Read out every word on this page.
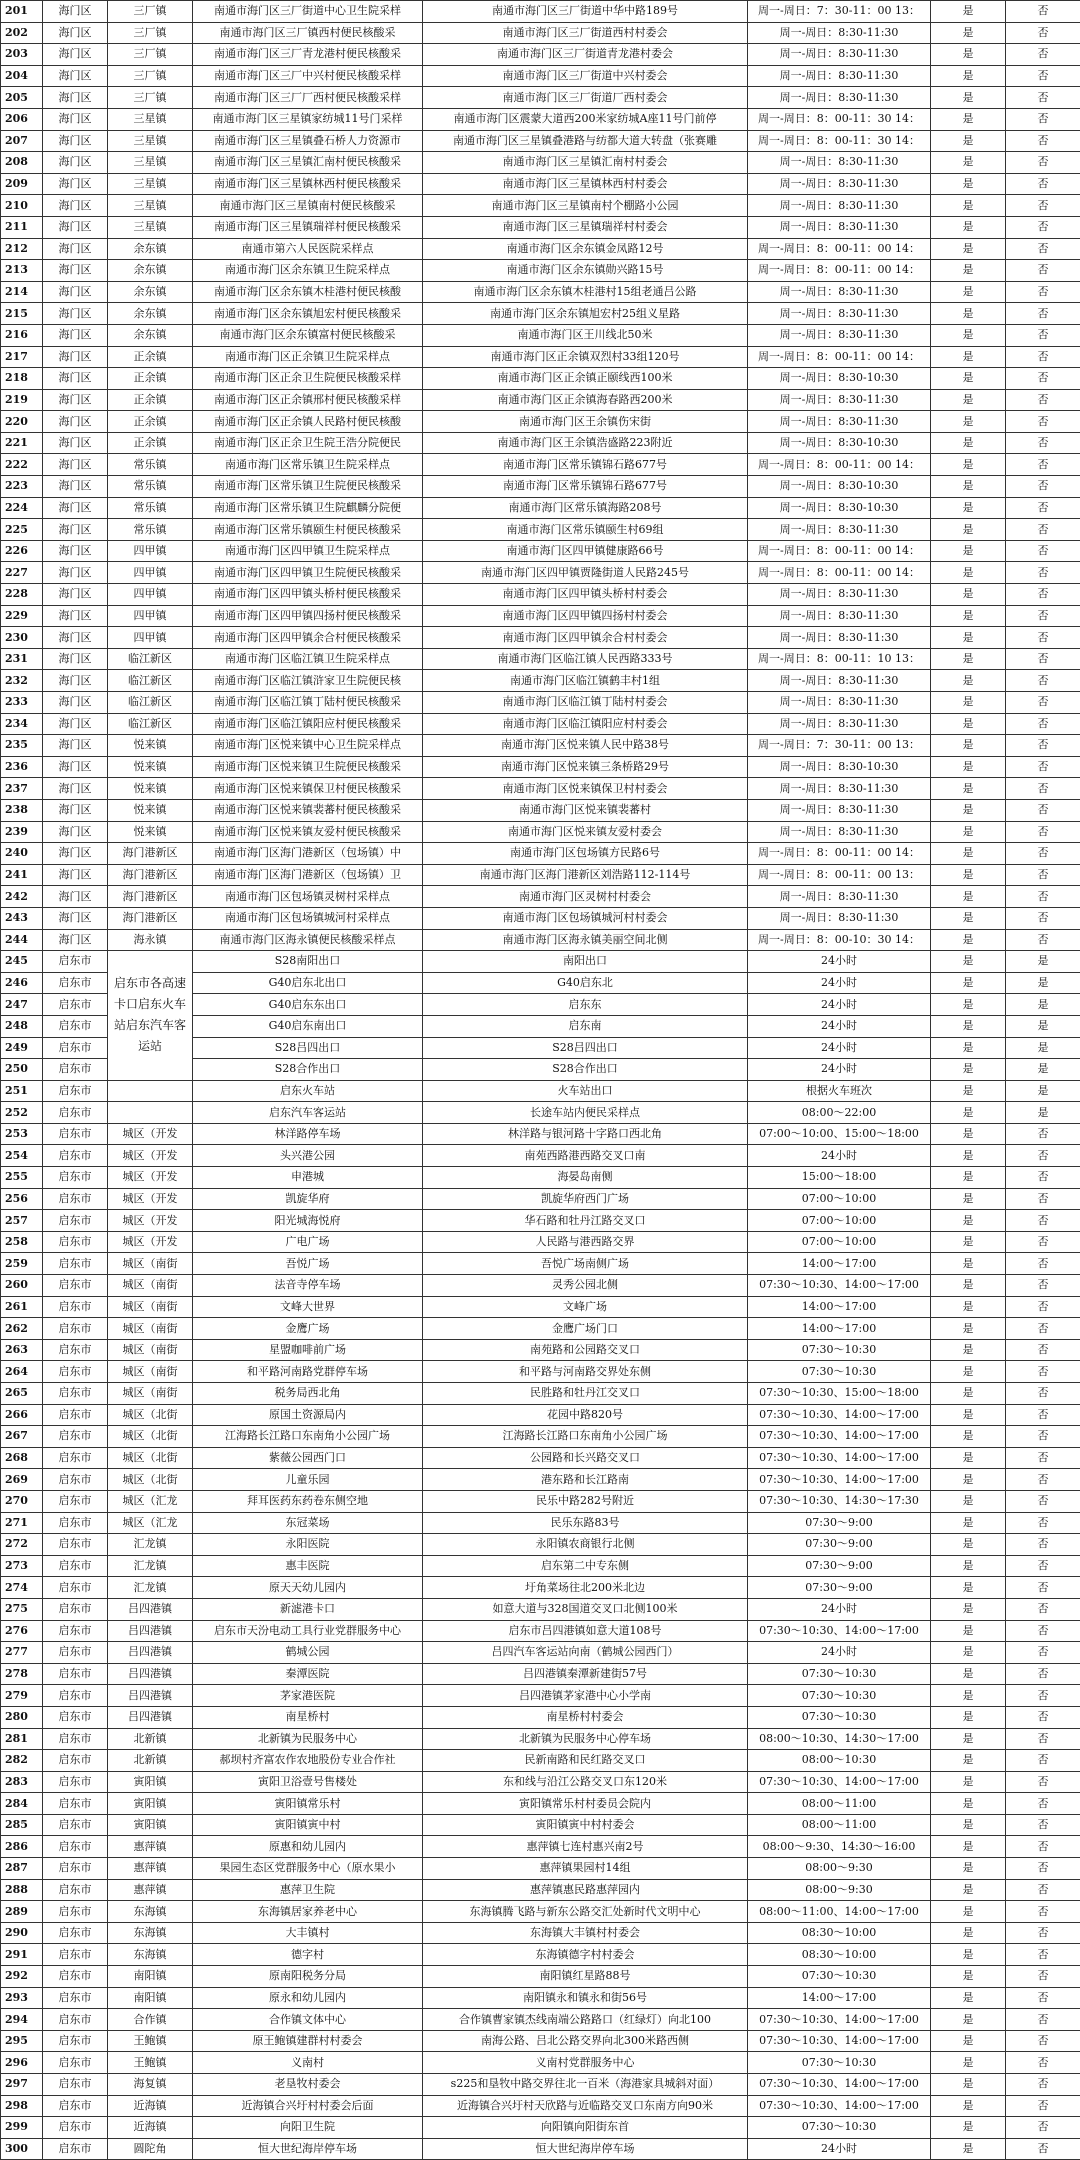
201	海门区	三厂镇	南通市海门区三厂街道中心卫生院采样	南通市海门区三厂街道中华中路189号	周一-周日：7：30-11：00 13：	是	否
202	海门区	三厂镇	南通市海门区三厂镇西村便民核酸采	南通市海门区三厂街道西村村委会	周一-周日：8:30-11:30	是	否
203	海门区	三厂镇	南通市海门区三厂青龙港村便民核酸采	南通市海门区三厂街道青龙港村委会	周一-周日：8:30-11:30	是	否
204	海门区	三厂镇	南通市海门区三厂中兴村便民核酸采样	南通市海门区三厂街道中兴村委会	周一-周日：8:30-11:30	是	否
205	海门区	三厂镇	南通市海门区三厂厂西村便民核酸采样	南通市海门区三厂街道厂西村委会	周一-周日：8:30-11:30	是	否
206	海门区	三星镇	南通市海门区三星镇家纺城11号门采样	南通市海门区震蒙大道西200米家纺城A座11号门前停	周一-周日：8：00-11：30 14：	是	否
207	海门区	三星镇	南通市海门区三星镇叠石桥人力资源市	南通市海门区三星镇叠港路与纺都大道大转盘（张赛雕	周一-周日：8：00-11：30 14：	是	否
208	海门区	三星镇	南通市海门区三星镇汇南村便民核酸采	南通市海门区三星镇汇南村村委会	周一-周日：8:30-11:30	是	否
209	海门区	三星镇	南通市海门区三星镇林西村便民核酸采	南通市海门区三星镇林西村村委会	周一-周日：8:30-11:30	是	否
210	海门区	三星镇	南通市海门区三星镇南村便民核酸采	南通市海门区三星镇南村个棚路小公园	周一-周日：8:30-11:30	是	否
211	海门区	三星镇	南通市海门区三星镇瑞祥村便民核酸采	南通市海门区三星镇瑞祥村村委会	周一-周日：8:30-11:30	是	否
212	海门区	余东镇	南通市第六人民医院采样点	南通市海门区余东镇金凤路12号	周一-周日：8：00-11：00 14：	是	否
213	海门区	余东镇	南通市海门区余东镇卫生院采样点	南通市海门区余东镇勋兴路15号	周一-周日：8：00-11：00 14：	是	否
214	海门区	余东镇	南通市海门区余东镇木桂港村便民核酸	南通市海门区余东镇木桂港村15组老通吕公路	周一-周日：8:30-11:30	是	否
215	海门区	余东镇	南通市海门区余东镇旭宏村便民核酸采	南通市海门区余东镇旭宏村25组义星路	周一-周日：8:30-11:30	是	否
216	海门区	余东镇	南通市海门区余东镇富村便民核酸采	南通市海门区王川线北50米	周一-周日：8:30-11:30	是	否
217	海门区	正余镇	南通市海门区正余镇卫生院采样点	南通市海门区正余镇双烈村33组120号	周一-周日：8：00-11：00 14：	是	否
218	海门区	正余镇	南通市海门区正余卫生院便民核酸采样	南通市海门区正余镇正颐线西100米	周一-周日：8:30-10:30	是	否
219	海门区	正余镇	南通市海门区正余镇邢村便民核酸采样	南通市海门区正余镇海春路西200米	周一-周日：8:30-11:30	是	否
220	海门区	正余镇	南通市海门区正余镇人民路村便民核酸	南通市海门区王余镇伤宋街	周一-周日：8:30-11:30	是	否
221	海门区	正余镇	南通市海门区正余卫生院王浩分院便民	南通市海门区王余镇浩盛路223附近	周一-周日：8:30-10:30	是	否
222	海门区	常乐镇	南通市海门区常乐镇卫生院采样点	南通市海门区常乐镇锦石路677号	周一-周日：8：00-11：00 14：	是	否
223	海门区	常乐镇	南通市海门区常乐镇卫生院便民核酸采	南通市海门区常乐镇锦石路677号	周一-周日：8:30-10:30	是	否
224	海门区	常乐镇	南通市海门区常乐镇卫生院麒麟分院便	南通市海门区常乐镇海路208号	周一-周日：8:30-10:30	是	否
225	海门区	常乐镇	南通市海门区常乐镇颐生村便民核酸采	南通市海门区常乐镇颐生村69组	周一-周日：8:30-11:30	是	否
226	海门区	四甲镇	南通市海门区四甲镇卫生院采样点	南通市海门区四甲镇健康路66号	周一-周日：8：00-11：00 14：	是	否
227	海门区	四甲镇	南通市海门区四甲镇卫生院便民核酸采	南通市海门区四甲镇贾隆街道人民路245号	周一-周日：8：00-11：00 14：	是	否
228	海门区	四甲镇	南通市海门区四甲镇头桥村便民核酸采	南通市海门区四甲镇头桥村村委会	周一-周日：8:30-11:30	是	否
229	海门区	四甲镇	南通市海门区四甲镇四扬村便民核酸采	南通市海门区四甲镇四扬村村委会	周一-周日：8:30-11:30	是	否
230	海门区	四甲镇	南通市海门区四甲镇余合村便民核酸采	南通市海门区四甲镇余合村村委会	周一-周日：8:30-11:30	是	否
231	海门区	临江新区	南通市海门区临江镇卫生院采样点	南通市海门区临江镇人民西路333号	周一-周日：8：00-11：10 13：	是	否
232	海门区	临江新区	南通市海门区临江镇浒家卫生院便民核	南通市海门区临江镇鹤丰村1组	周一-周日：8:30-11:30	是	否
233	海门区	临江新区	南通市海门区临江镇丁陆村便民核酸采	南通市海门区临江镇丁陆村村委会	周一-周日：8:30-11:30	是	否
234	海门区	临江新区	南通市海门区临江镇阳应村便民核酸采	南通市海门区临江镇阳应村村委会	周一-周日：8:30-11:30	是	否
235	海门区	悦来镇	南通市海门区悦来镇中心卫生院采样点	南通市海门区悦来镇人民中路38号	周一-周日：7：30-11：00 13：	是	否
236	海门区	悦来镇	南通市海门区悦来镇卫生院便民核酸采	南通市海门区悦来镇三条桥路29号	周一-周日：8:30-10:30	是	否
237	海门区	悦来镇	南通市海门区悦来镇保卫村便民核酸采	南通市海门区悦来镇保卫村村委会	周一-周日：8:30-11:30	是	否
238	海门区	悦来镇	南通市海门区悦来镇裴蕃村便民核酸采	南通市海门区悦来镇裴蕃村	周一-周日：8:30-11:30	是	否
239	海门区	悦来镇	南通市海门区悦来镇友爱村便民核酸采	南通市海门区悦来镇友爱村委会	周一-周日：8:30-11:30	是	否
240	海门区	海门港新区	南通市海门区海门港新区（包场镇）中	南通市海门区包场镇方民路6号	周一-周日：8：00-11：00 14：	是	否
241	海门区	海门港新区	南通市海门区海门港新区（包场镇）卫	南通市海门区海门港新区刘浩路112-114号	周一-周日：8：00-11：00 13：	是	否
242	海门区	海门港新区	南通市海门区包场镇灵树村采样点	南通市海门区灵树村村委会	周一-周日：8:30-11:30	是	否
243	海门区	海门港新区	南通市海门区包场镇城河村采样点	南通市海门区包场镇城河村村委会	周一-周日：8:30-11:30	是	否
244	海门区	海永镇	南通市海门区海永镇便民核酸采样点	南通市海门区海永镇美丽空间北侧	周一-周日：8：00-10：30 14：	是	否
245	启东市	启东市各高速卡口启东火车站启东汽车客运站	S28南阳出口	南阳出口	24小时	是	是
246	启东市		G40启东北出口	G40启东北	24小时	是	是
247	启东市		G40启东东出口	启东东	24小时	是	是
248	启东市		G40启东南出口	启东南	24小时	是	是
249	启东市		S28吕四出口	S28吕四出口	24小时	是	是
250	启东市		S28合作出口	S28合作出口	24小时	是	是
251	启东市		启东火车站	火车站出口	根据火车班次	是	是
252	启东市		启东汽车客运站	长途车站内便民采样点	08:00～22:00	是	是
253	启东市	城区（开发	林洋路停车场	林洋路与银河路十字路口西北角	07:00～10:00、15:00～18:00	是	否
254	启东市	城区（开发	头兴港公园	南苑西路港西路交叉口南	24小时	是	否
255	启东市	城区（开发	申港城	海晏岛南侧	15:00～18:00	是	否
256	启东市	城区（开发	凯旋华府	凯旋华府西门广场	07:00～10:00	是	否
257	启东市	城区（开发	阳光城海悦府	华石路和牡丹江路交叉口	07:00～10:00	是	否
258	启东市	城区（开发	广电广场	人民路与港西路交界	07:00～10:00	是	否
259	启东市	城区（南街	吾悦广场	吾悦广场南侧广场	14:00～17:00	是	否
260	启东市	城区（南街	法音寺停车场	灵秀公园北侧	07:30～10:30、14:00～17:00	是	否
261	启东市	城区（南街	文峰大世界	文峰广场	14:00～17:00	是	否
262	启东市	城区（南街	金鹰广场	金鹰广场门口	14:00～17:00	是	否
263	启东市	城区（南街	星盟咖啡前广场	南苑路和公园路交叉口	07:30～10:30	是	否
264	启东市	城区（南街	和平路河南路党群停车场	和平路与河南路交界处东侧	07:30～10:30	是	否
265	启东市	城区（南街	税务局西北角	民胜路和牡丹江交叉口	07:30～10:30、15:00～18:00	是	否
266	启东市	城区（北街	原国土资源局内	花园中路820号	07:30～10:30、14:00～17:00	是	否
267	启东市	城区（北街	江海路长江路口东南角小公园广场	江海路长江路口东南角小公园广场	07:30～10:30、14:00～17:00	是	否
268	启东市	城区（北街	紫薇公园西门口	公园路和长兴路交叉口	07:30～10:30、14:00～17:00	是	否
269	启东市	城区（北街	儿童乐园	港东路和长江路南	07:30～10:30、14:00～17:00	是	否
270	启东市	城区（汇龙	拜耳医药东药卷东侧空地	民乐中路282号附近	07:30～10:30、14:30～17:30	是	否
271	启东市	城区（汇龙	东冠菜场	民乐东路83号	07:30～9:00	是	否
272	启东市	汇龙镇	永阳医院	永阳镇农商银行北侧	07:30～9:00	是	否
273	启东市	汇龙镇	惠丰医院	启东第二中专东侧	07:30～9:00	是	否
274	启东市	汇龙镇	原天天幼儿园内	圩角菜场往北200米北边	07:30～9:00	是	否
275	启东市	吕四港镇	新滤港卡口	如意大道与328国道交叉口北侧100米	24小时	是	否
276	启东市	吕四港镇	启东市天汾电动工具行业党群服务中心	启东市吕四港镇如意大道108号	07:30～10:30、14:00～17:00	是	否
277	启东市	吕四港镇	鹤城公园	吕四汽车客运站向南（鹤城公园西门）	24小时	是	否
278	启东市	吕四港镇	秦潭医院	吕四港镇秦潭新建街57号	07:30～10:30	是	否
279	启东市	吕四港镇	茅家港医院	吕四港镇茅家港中心小学南	07:30～10:30	是	否
280	启东市	吕四港镇	南星桥村	南星桥村村委会	07:30～10:30	是	否
281	启东市	北新镇	北新镇为民服务中心	北新镇为民服务中心停车场	08:00～10:30、14:30～17:00	是	否
282	启东市	北新镇	郝坝村齐富农作农地股份专业合作社	民新南路和民红路交叉口	08:00～10:30	是	否
283	启东市	寅阳镇	寅阳卫浴壹号售楼处	东和线与沿江公路交叉口东120米	07:30～10:30、14:00～17:00	是	否
284	启东市	寅阳镇	寅阳镇常乐村	寅阳镇常乐村村委员会院内	08:00～11:00	是	否
285	启东市	寅阳镇	寅阳镇寅中村	寅阳镇寅中村村委会	08:00～11:00	是	否
286	启东市	惠萍镇	原惠和幼儿园内	惠萍镇七连村惠兴南2号	08:00～9:30、14:30～16:00	是	否
287	启东市	惠萍镇	果园生态区党群服务中心（原水果小	惠萍镇果园村14组	08:00～9:30	是	否
288	启东市	惠萍镇	惠萍卫生院	惠萍镇惠民路惠萍园内	08:00～9:30	是	否
289	启东市	东海镇	东海镇居家养老中心	东海镇腾飞路与新东公路交汇处新时代文明中心	08:00～11:00、14:00～17:00	是	否
290	启东市	东海镇	大丰镇村	东海镇大丰镇村村委会	08:30～10:00	是	否
291	启东市	东海镇	德字村	东海镇德字村村委会	08:30～10:00	是	否
292	启东市	南阳镇	原南阳税务分局	南阳镇红星路88号	07:30～10:30	是	否
293	启东市	南阳镇	原永和幼儿园内	南阳镇永和镇永和街56号	14:00～17:00	是	否
294	启东市	合作镇	合作镇文体中心	合作镇曹家镇杰线南端公路路口（红绿灯）向北100	07:30～10:30、14:00～17:00	是	否
295	启东市	王鲍镇	原王鲍镇建群村村委会	南海公路、吕北公路交界向北300米路西侧	07:30～10:30、14:00～17:00	是	否
296	启东市	王鲍镇	义南村	义南村党群服务中心	07:30～10:30	是	否
297	启东市	海复镇	老垦牧村委会	s225和垦牧中路交界往北一百米（海港家具城斜对面）	07:30～10:30、14:00～17:00	是	否
298	启东市	近海镇	近海镇合兴圩村村委会后面	近海镇合兴圩村天欣路与近临路交叉口东南方向90米	07:30～10:30、14:00～17:00	是	否
299	启东市	近海镇	向阳卫生院	向阳镇向阳街东首	07:30～10:30	是	否
300	启东市	圆陀角	恒大世纪海岸停车场	恒大世纪海岸停车场	24小时	是	否
